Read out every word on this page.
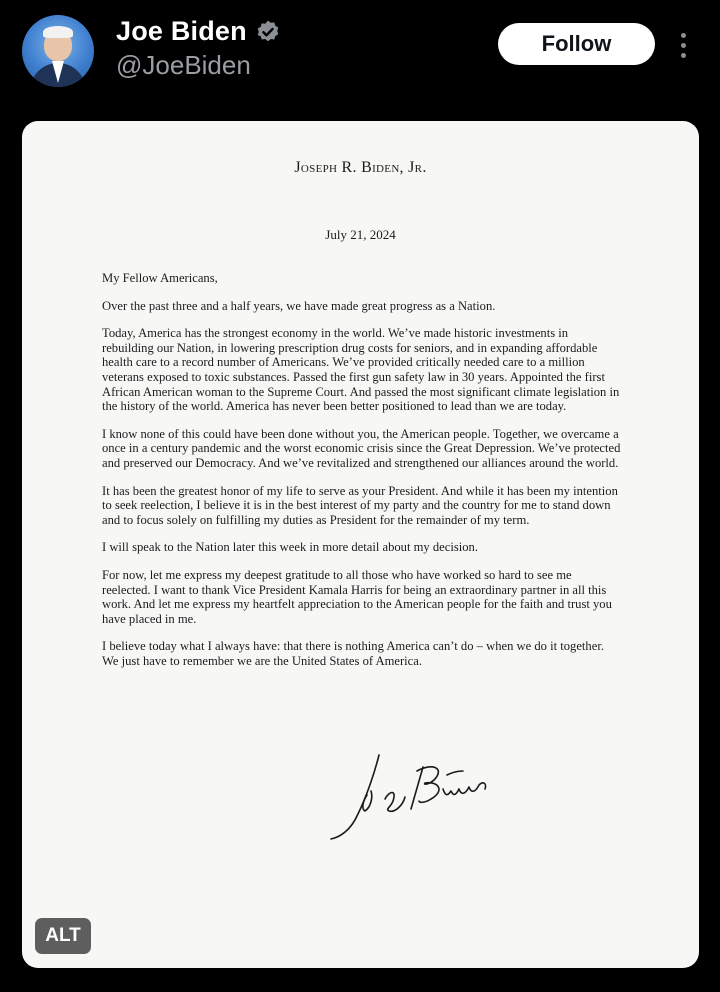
Joe Biden
@JoeBiden
Follow
Joseph R. Biden, Jr.
July 21, 2024

My Fellow Americans,

Over the past three and a half years, we have made great progress as a Nation.

Today, America has the strongest economy in the world. We’ve made historic investments in rebuilding our Nation, in lowering prescription drug costs for seniors, and in expanding affordable health care to a record number of Americans. We’ve provided critically needed care to a million veterans exposed to toxic substances. Passed the first gun safety law in 30 years. Appointed the first African American woman to the Supreme Court. And passed the most significant climate legislation in the history of the world. America has never been better positioned to lead than we are today.

I know none of this could have been done without you, the American people. Together, we overcame a once in a century pandemic and the worst economic crisis since the Great Depression. We’ve protected and preserved our Democracy. And we’ve revitalized and strengthened our alliances around the world.

It has been the greatest honor of my life to serve as your President. And while it has been my intention to seek reelection, I believe it is in the best interest of my party and the country for me to stand down and to focus solely on fulfilling my duties as President for the remainder of my term.

I will speak to the Nation later this week in more detail about my decision.

For now, let me express my deepest gratitude to all those who have worked so hard to see me reelected. I want to thank Vice President Kamala Harris for being an extraordinary partner in all this work. And let me express my heartfelt appreciation to the American people for the faith and trust you have placed in me.

I believe today what I always have: that there is nothing America can’t do – when we do it together. We just have to remember we are the United States of America.

ALT
